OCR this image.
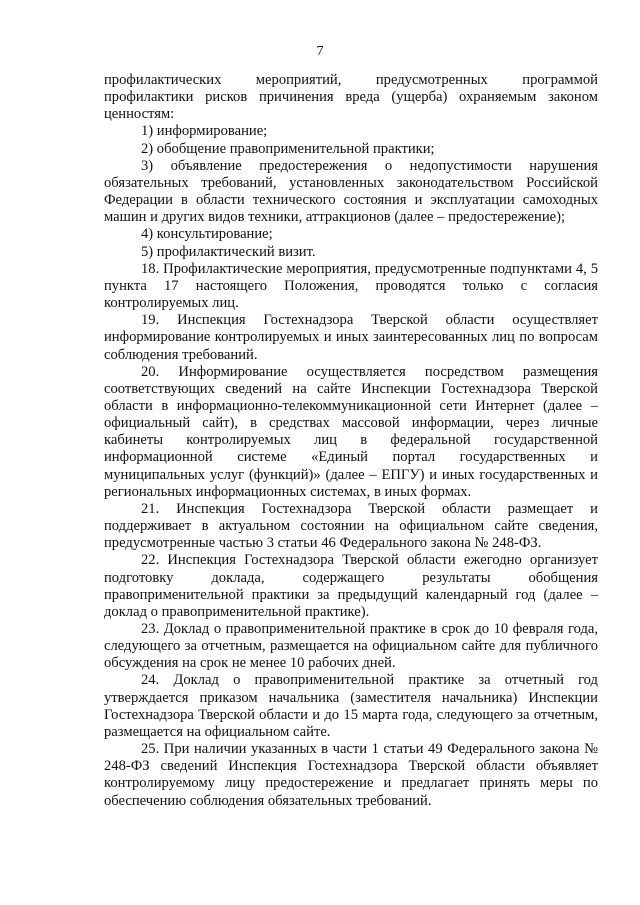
7

профилактических мероприятий, предусмотренных программой профилактики рисков причинения вреда (ущерба) охраняемым законом ценностям:

1) информирование;

2) обобщение правоприменительной практики;

3) объявление предостережения о недопустимости нарушения обязательных требований, установленных законодательством Российской Федерации в области технического состояния и эксплуатации самоходных машин и других видов техники, аттракционов (далее – предостережение);

4) консультирование;

5) профилактический визит.

18. Профилактические мероприятия, предусмотренные подпунктами 4, 5 пункта 17 настоящего Положения, проводятся только с согласия контролируемых лиц.

19. Инспекция Гостехнадзора Тверской области осуществляет информирование контролируемых и иных заинтересованных лиц по вопросам соблюдения требований.

20. Информирование осуществляется посредством размещения соответствующих сведений на сайте Инспекции Гостехнадзора Тверской области в информационно-телекоммуникационной сети Интернет (далее – официальный сайт), в средствах массовой информации, через личные кабинеты контролируемых лиц в федеральной государственной информационной системе «Единый портал государственных и муниципальных услуг (функций)» (далее – ЕПГУ) и иных государственных и региональных информационных системах, в иных формах.

21. Инспекция Гостехнадзора Тверской области размещает и поддерживает в актуальном состоянии на официальном сайте сведения, предусмотренные частью 3 статьи 46 Федерального закона № 248-ФЗ.

22. Инспекция Гостехнадзора Тверской области ежегодно организует подготовку доклада, содержащего результаты обобщения правоприменительной практики за предыдущий календарный год (далее – доклад о правоприменительной практике).

23. Доклад о правоприменительной практике в срок до 10 февраля года, следующего за отчетным, размещается на официальном сайте для публичного обсуждения на срок не менее 10 рабочих дней.

24. Доклад о правоприменительной практике за отчетный год утверждается приказом начальника (заместителя начальника) Инспекции Гостехнадзора Тверской области и до 15 марта года, следующего за отчетным, размещается на официальном сайте.

25. При наличии указанных в части 1 статьи 49 Федерального закона № 248-ФЗ сведений Инспекция Гостехнадзора Тверской области объявляет контролируемому лицу предостережение и предлагает принять меры по обеспечению соблюдения обязательных требований.
